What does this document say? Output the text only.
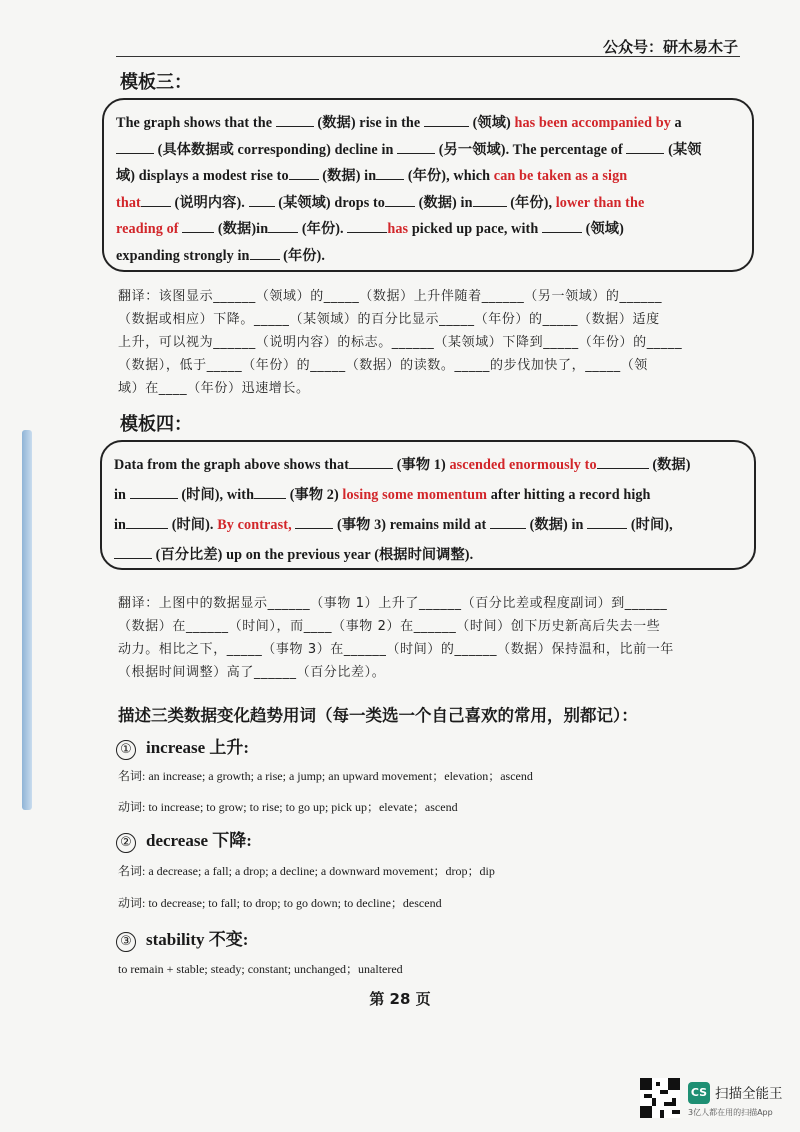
公众号：研木易木子
模板三：
The graph shows that the	(数据) rise in the	(领域) has been accompanied by a
(具体数据或 corresponding) decline in	(另一领域). The percentage of	(某领
域) displays a modest rise to (数据) in (年份), which can be taken as a sign
that (说明内容).  (某领域) drops to (数据) in (年份), lower than the
reading of	(数据)in (年份).	has picked up pace, with	(领域)
expanding strongly in (年份).
翻译：该图显示______（领域）的_____（数据）上升伴随着______（另一领域）的______
（数据或相应）下降。_____（某领域）的百分比显示_____（年份）的_____（数据）适度
上升，可以视为______（说明内容）的标志。______（某领域）下降到_____（年份）的_____
（数据），低于_____（年份）的_____（数据）的读数。_____的步伐加快了，_____（领
域）在____（年份）迅速增长。
模板四：
Data from the graph above shows that	(事物 1) ascended enormously to	(数据)
in	(时间), with (事物 2) losing some momentum after hitting a record high
in	(时间). By contrast,	(事物 3) remains mild at	(数据) in	(时间),
(百分比差) up on the previous year (根据时间调整).
翻译：上图中的数据显示______（事物 1）上升了______（百分比差或程度副词）到______
（数据）在______（时间），而____（事物 2）在______（时间）创下历史新高后失去一些
动力。相比之下，_____（事物 3）在______（时间）的______（数据）保持温和，比前一年
（根据时间调整）高了______（百分比差）。
描述三类数据变化趋势用词（每一类选一个自己喜欢的常用，别都记）：
① increase 上升:
名词: an increase; a growth; a rise; a jump; an upward movement；elevation；ascend
动词: to increase; to grow; to rise; to go up; pick up；elevate；ascend
② decrease 下降:
名词: a decrease; a fall; a drop; a decline; a downward movement；drop；dip
动词: to decrease; to fall; to drop; to go down; to decline；descend
③ stability 不变:
to remain + stable; steady; constant; unchanged；unaltered
第 28 页
CS 扫描全能王
3亿人都在用的扫描App
